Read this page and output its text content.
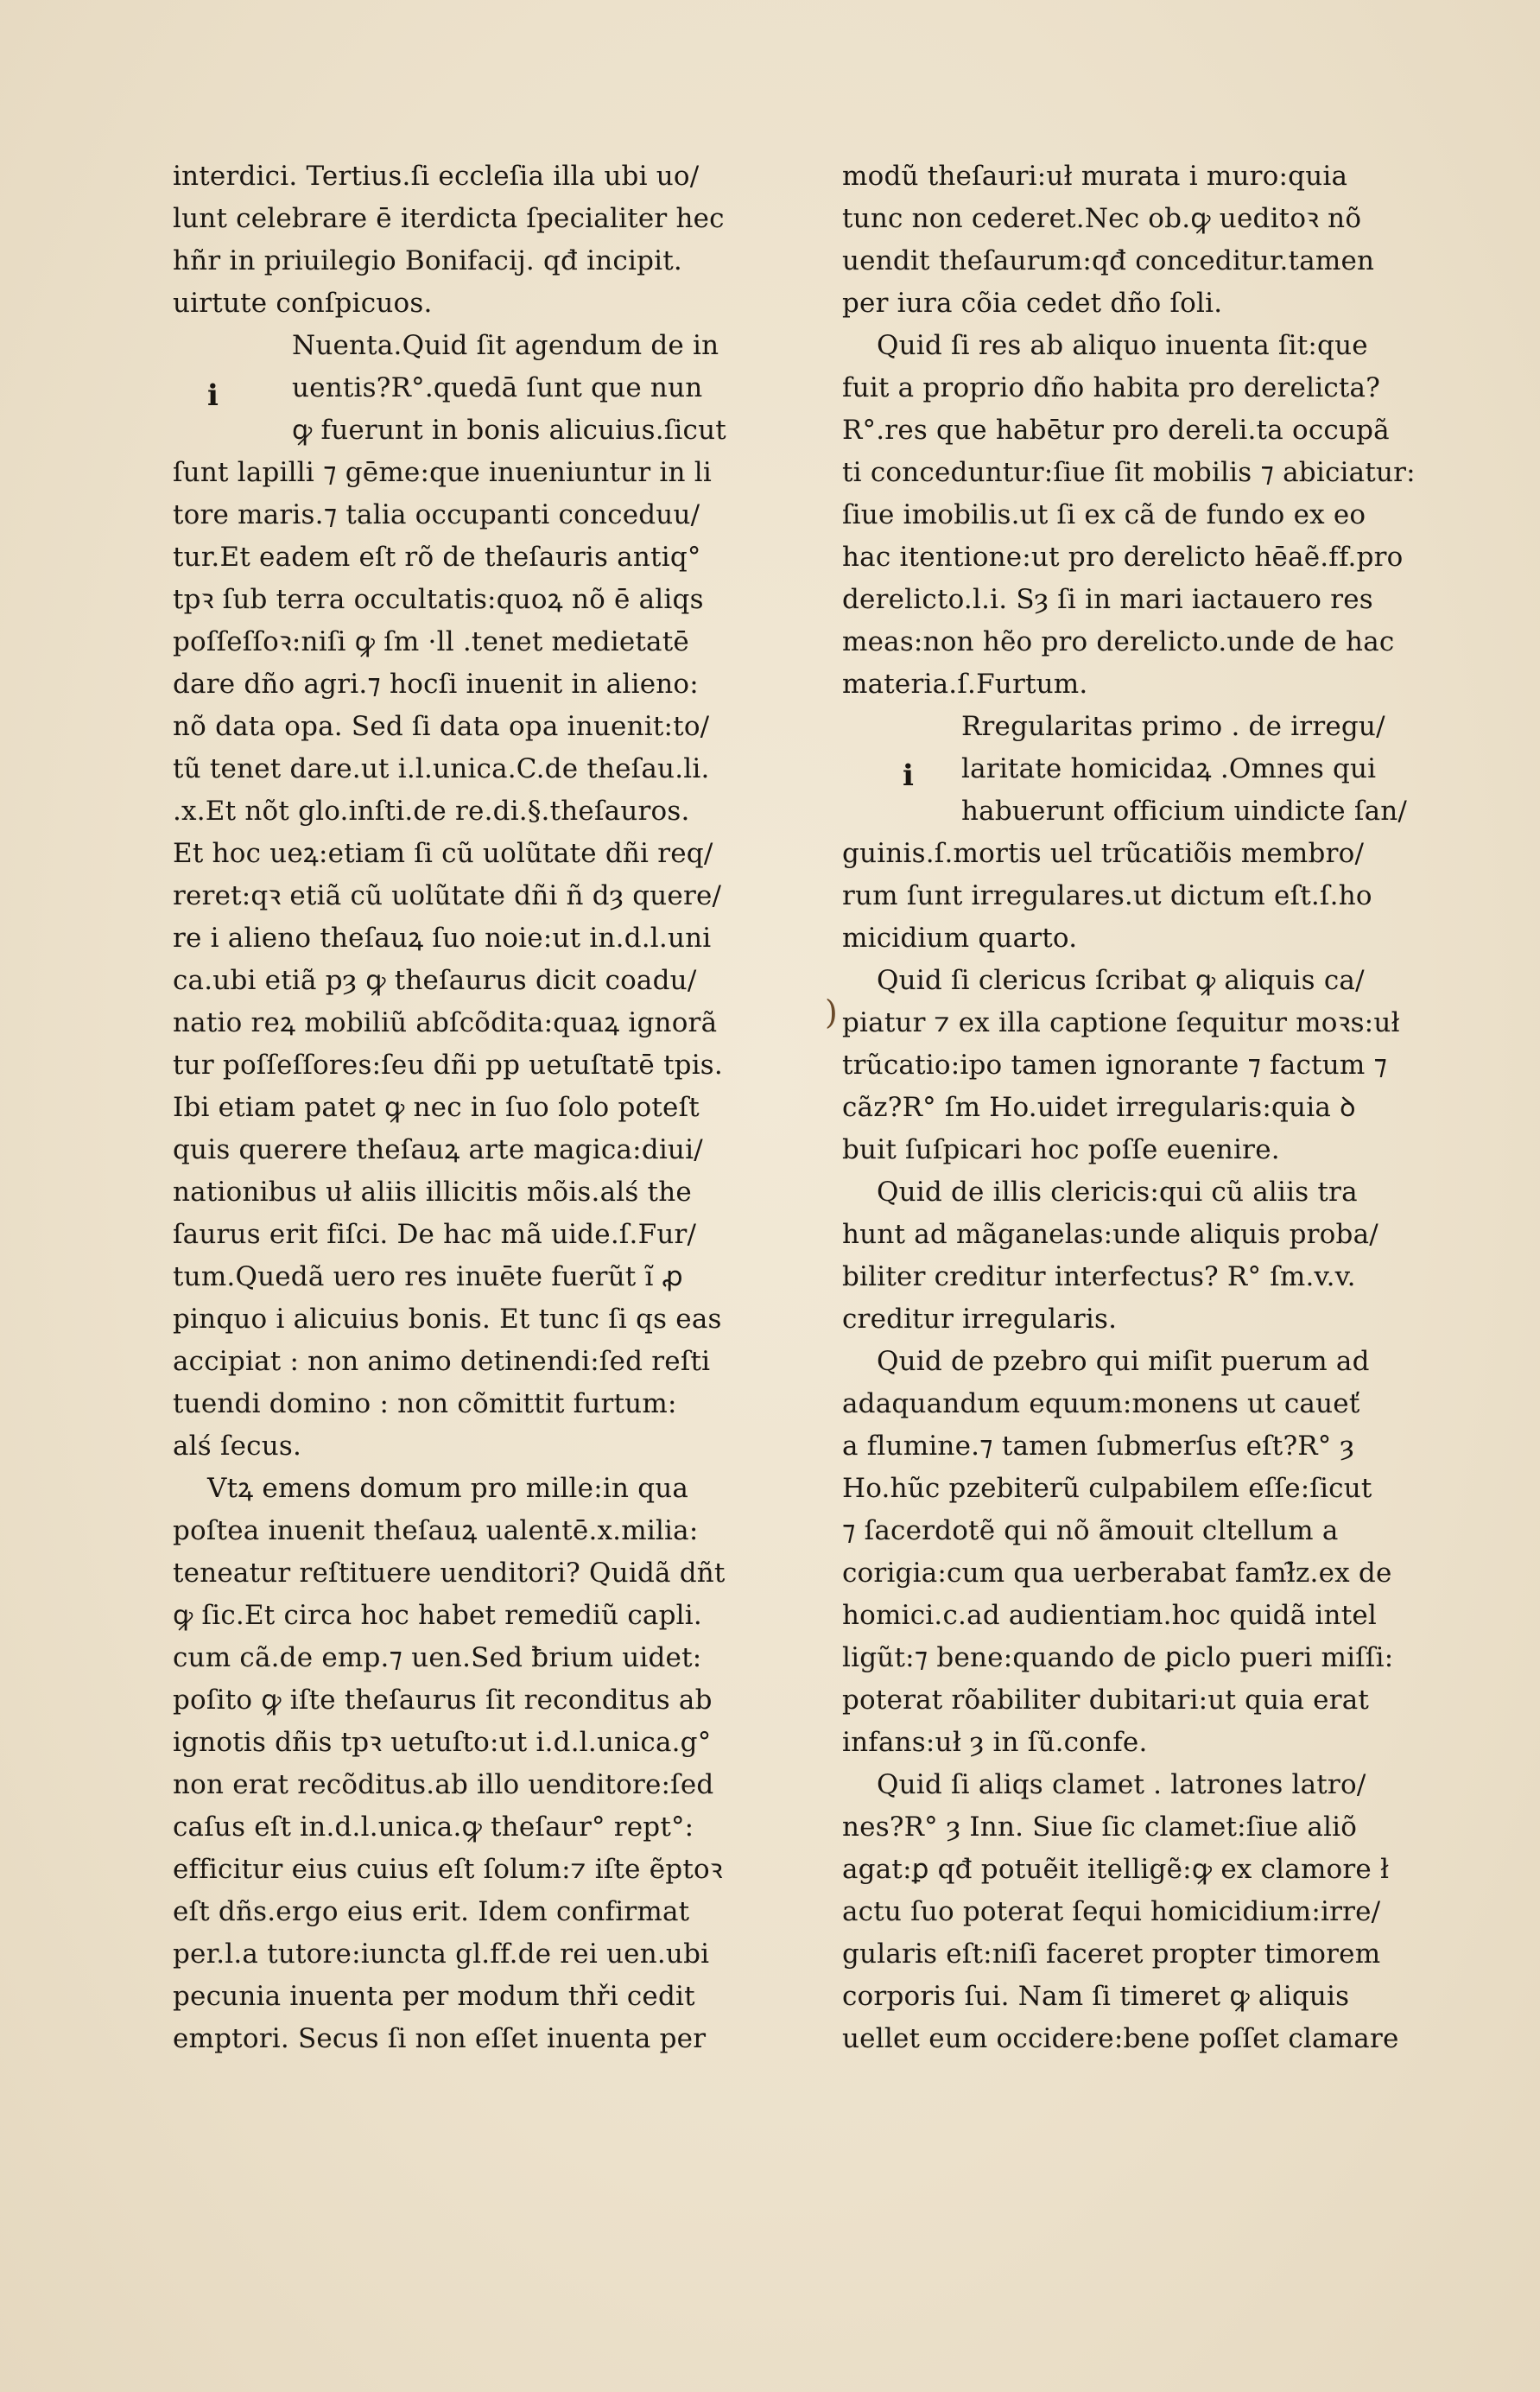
i
interdici. Tertius.ſi eccleſia illa ubi uo/
lunt celebrare ē iterdicta ſpecialiter hec
hñr in priuilegio Bonifacij. qđ incipit.
uirtute conſpicuos.
Nuenta.Quid ſit agendum de in
uentis?R°.quedā ſunt que nun
ꝙ fuerunt in bonis alicuius.ſicut
ſunt lapilli ⁊ gēme:que inueniuntur in li
tore maris.⁊ talia occupanti conceduu/
tur.Et eadem eſt rõ de theſauris antiq°
tpꝛ ſub terra occultatis:quoꝝ nõ ē aliqs
poſſeſſoꝛ:niſi ꝙ ſm ·ll .tenet medietatē
dare dño agri.⁊ hocſi inuenit in alieno:
nõ data opa. Sed ſi data opa inuenit:to/
tũ tenet dare.ut i.l.unica.C.de theſau.li.
.x.Et nõt glo.inſti.de re.di.§.theſauros.
Et hoc ueꝝ:etiam ſi cũ uolũtate dñi req/
reret:qꝛ etiã cũ uolũtate dñi ñ dȝ quere/
re i alieno theſauꝝ ſuo noie:ut in.d.l.uni
ca.ubi etiã pȝ ꝙ theſaurus dicit coadu/
natio reꝝ mobiliũ abſcõdita:quaꝝ ignorã
tur poſſeſſores:ſeu dñi pp uetuſtatē tpis.
Ibi etiam patet ꝙ nec in ſuo ſolo poteſt
quis querere theſauꝝ arte magica:diui/
nationibus uł aliis illicitis mõis.alś the
ſaurus erit fiſci. De hac mã uide.ſ.Fur/
tum.Quedã uero res inuēte fuerũt ĩ ꝓ
pinquo i alicuius bonis. Et tunc ſi qs eas
accipiat : non animo detinendi:ſed reſti
tuendi domino : non cõmittit furtum:
alś ſecus.
Vtꝝ emens domum pro mille:in qua
poſtea inuenit theſauꝝ ualentē.x.milia:
teneatur reſtituere uenditori? Quidã dñt
ꝙ ſic.Et circa hoc habet remediũ capli.
cum cã.de emp.⁊ uen.Sed ƀrium uidet:
poſito ꝙ iſte theſaurus ſit reconditus ab
ignotis dñis tpꝛ uetuſto:ut i.d.l.unica.g°
non erat recõditus.ab illo uenditore:ſed
caſus eſt in.d.l.unica.ꝙ theſaur° rept°:
efficitur eius cuius eſt ſolum:⁊ iſte ẽptoꝛ
eſt dñs.ergo eius erit. Idem confirmat
per.l.a tutore:iuncta gl.ff.de rei uen.ubi
pecunia inuenta per modum thři cedit
emptori. Secus ſi non eſſet inuenta per
i
modũ theſauri:uł murata i muro:quia
tunc non cederet.Nec ob.ꝙ ueditoꝛ nõ
uendit theſaurum:qđ conceditur.tamen
per iura cõia cedet dño ſoli.
Quid ſi res ab aliquo inuenta ſit:que
fuit a proprio dño habita pro derelicta?
R°.res que habētur pro dereli.ta occupã
ti conceduntur:ſiue ſit mobilis ⁊ abiciatur:
ſiue imobilis.ut ſi ex cã de fundo ex eo
hac itentione:ut pro derelicto hēaẽ.ff.pro
derelicto.l.i. Sȝ ſi in mari iactauero res
meas:non hẽo pro derelicto.unde de hac
materia.ſ.Furtum.
Rregularitas primo . de irregu/
laritate homicidaꝝ .Omnes qui
habuerunt officium uindicte ſan/
guinis.ſ.mortis uel trũcatiõis membro/
rum ſunt irregulares.ut dictum eſt.ſ.ho
micidium quarto.
Quid ſi clericus ſcribat ꝙ aliquis ca/
piatur ⁊ ex illa captione ſequitur moꝛs:uł
trũcatio:ipo tamen ignorante ⁊ factum ⁊
cãz?R° ſm Ho.uidet irregularis:quia ꝺ
buit ſuſpicari hoc poſſe euenire.
Quid de illis clericis:qui cũ aliis tra
hunt ad mãganelas:unde aliquis proba/
biliter creditur interfectus? R° ſm.v.v.
creditur irregularis.
Quid de pzebro qui miſit puerum ad
adaquandum equum:monens ut caueť
a flumine.⁊ tamen ſubmerſus eſt?R° ȝ
Ho.hũc pzebiterũ culpabilem eſſe:ſicut
⁊ ſacerdotẽ qui nõ ãmouit cltellum a
corigia:cum qua uerberabat famł̃z.ex de
homici.c.ad audientiam.hoc quidã intel
ligũt:⁊ bene:quando de ꝑiclo pueri miſſi:
poterat rõabiliter dubitari:ut quia erat
infans:uł ȝ in ſũ.confe.
Quid ſi aliqs clamet . latrones latro/
nes?R° ȝ Inn. Siue ſic clamet:ſiue aliõ
agat:ꝑ qđ potuẽit itelligẽ:ꝙ ex clamore ł
actu ſuo poterat ſequi homicidium:irre/
gularis eſt:niſi faceret propter timorem
corporis ſui. Nam ſi timeret ꝙ aliquis
uellet eum occidere:bene poſſet clamare
)
